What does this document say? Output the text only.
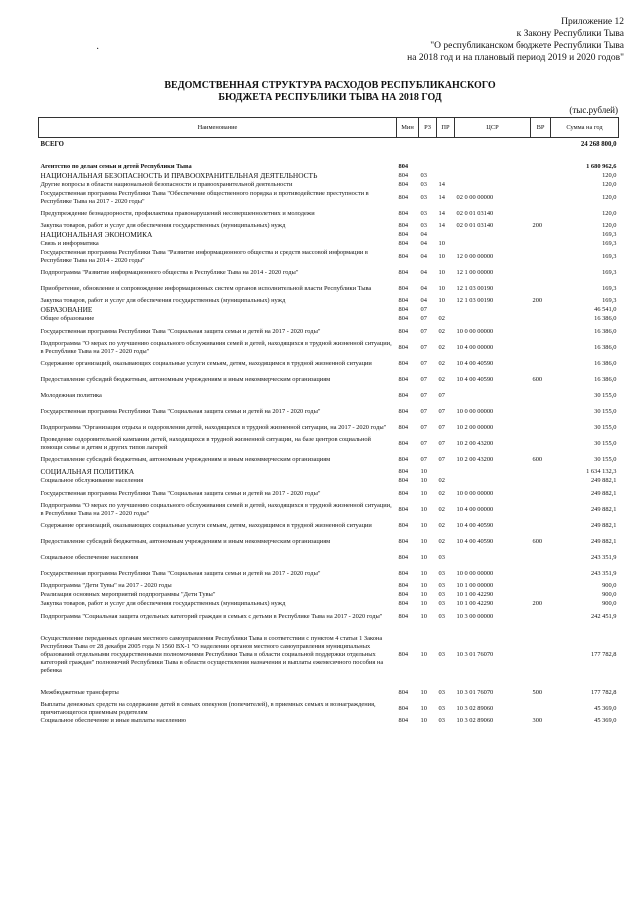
Приложение 12
к Закону Республики Тыва
"О республиканском бюджете Республики Тыва
на 2018 год и на плановый период 2019 и 2020 годов"
·
ВЕДОМСТВЕННАЯ СТРУКТУРА РАСХОДОВ РЕСПУБЛИКАНСКОГО
БЮДЖЕТА РЕСПУБЛИКИ ТЫВА НА 2018 ГОД
(тыс.рублей)
Наименование	Мин	РЗ	ПР	ЦСР	ВР	Сумма на год
ВСЕГО						24 268 800,0

Агентство по делам семьи и детей Республики Тыва	804					1 680 962,6
НАЦИОНАЛЬНАЯ БЕЗОПАСНОСТЬ И ПРАВООХРАНИТЕЛЬНАЯ ДЕЯТЕЛЬНОСТЬ	804	03				120,0
Другие вопросы в области национальной безопасности и правоохранительной деятельности	804	03	14			120,0
Государственная программа Республики Тыва "Обеспечение общественного порядка и противодействие преступности в Республике Тыва на 2017 - 2020 годы"	804	03	14	02 0 00 00000		120,0
Предупреждение безнадзорности, профилактика правонарушений несовершеннолетних и молодежи	804	03	14	02 0 01 03140		120,0
Закупка товаров, работ и услуг для обеспечения государственных (муниципальных) нужд	804	03	14	02 0 01 03140	200	120,0
НАЦИОНАЛЬНАЯ ЭКОНОМИКА	804	04				169,3
Связь и информатика	804	04	10			169,3
Государственная программа Республики Тыва "Развитие информационного общества и средств массовой информации в Республике Тыва на 2014 - 2020 годы"	804	04	10	12 0 00 00000		169,3
Подпрограмма "Развитие информационного общества в Республике Тыва на 2014 - 2020 годы"	804	04	10	12 1 00 00000		169,3
Приобретение, обновление и сопровождение информационных систем органов исполнительной власти Республики Тыва	804	04	10	12 1 03 00190		169,3
Закупка товаров, работ и услуг для обеспечения государственных (муниципальных) нужд	804	04	10	12 1 03 00190	200	169,3
ОБРАЗОВАНИЕ	804	07				46 541,0
Общее образование	804	07	02			16 386,0
Государственная программа Республики Тыва "Социальная защита семьи и детей на 2017 - 2020 годы"	804	07	02	10 0 00 00000		16 386,0
Подпрограмма "О мерах по улучшению социального обслуживания семей и детей, находящихся в трудной жизненной ситуации, в Республике Тыва на 2017 - 2020 годы"	804	07	02	10 4 00 00000		16 386,0
Содержание организаций, оказывающих социальные услуги семьям, детям, находящимся в трудной жизненной ситуации	804	07	02	10 4 00 40590		16 386,0
Предоставление субсидий бюджетным, автономным учреждениям и иным некоммерческим организациям	804	07	02	10 4 00 40590	600	16 386,0
Молодежная политика	804	07	07			30 155,0
Государственная программа Республики Тыва "Социальная защита семьи и детей на 2017 - 2020 годы"	804	07	07	10 0 00 00000		30 155,0
Подпрограмма "Организация отдыха и оздоровления детей, находящихся в трудной жизненной ситуации, на 2017 - 2020 годы"	804	07	07	10 2 00 00000		30 155,0
Проведение оздоровительной кампании детей, находящихся в трудной жизненной ситуации, на базе центров социальной помощи семье и детям и других типов лагерей	804	07	07	10 2 00 43200		30 155,0
Предоставление субсидий бюджетным, автономным учреждениям и иным некоммерческим организациям	804	07	07	10 2 00 43200	600	30 155,0
СОЦИАЛЬНАЯ ПОЛИТИКА	804	10				1 634 132,3
Социальное обслуживание населения	804	10	02			249 882,1
Государственная программа Республики Тыва "Социальная защита семьи и детей на 2017 - 2020 годы"	804	10	02	10 0 00 00000		249 882,1
Подпрограмма "О мерах по улучшению социального обслуживания семей и детей, находящихся в трудной жизненной ситуации, в Республике Тыва на 2017 - 2020 годы"	804	10	02	10 4 00 00000		249 882,1
Содержание организаций, оказывающих социальные услуги семьям, детям, находящимся в трудной жизненной ситуации	804	10	02	10 4 00 40590		249 882,1
Предоставление субсидий бюджетным, автономным учреждениям и иным некоммерческим организациям	804	10	02	10 4 00 40590	600	249 882,1
Социальное обеспечение населения	804	10	03			243 351,9
Государственная программа Республики Тыва "Социальная защита семьи и детей на 2017 - 2020 годы"	804	10	03	10 0 00 00000		243 351,9
Подпрограмма "Дети Тувы" на 2017 - 2020 годы	804	10	03	10 1 00 00000		900,0
Реализация основных мероприятий подпрограммы "Дети Тувы"	804	10	03	10 1 00 42290		900,0
Закупка товаров, работ и услуг для обеспечения государственных (муниципальных) нужд	804	10	03	10 1 00 42290	200	900,0
Подпрограмма "Социальная защита отдельных категорий граждан в семьях с детьми в Республике Тыва на 2017 - 2020 годы"	804	10	03	10 3 00 00000		242 451,9
Осуществление переданных органам местного самоуправления Республики Тыва в соответствии с пунктом 4 статьи 1 Закона Республики Тыва от 28 декабря 2005 года N 1560 ВХ-1 "О наделении органов местного самоуправления муниципальных образований отдельными государственными полномочиями Республики Тыва в области социальной поддержки отдельных категорий граждан" полномочий Республики Тыва в области осуществления назначения и выплаты ежемесячного пособия на ребенка	804	10	03	10 3 01 76070		177 782,8
Межбюджетные трансферты	804	10	03	10 3 01 76070	500	177 782,8
Выплаты денежных средств на содержание детей в семьях опекунов (попечителей), в приемных семьях и вознаграждения, причитающегося приемным родителям	804	10	03	10 3 02 89060		45 369,0
Социальное обеспечение и иные выплаты населению	804	10	03	10 3 02 89060	300	45 369,0
